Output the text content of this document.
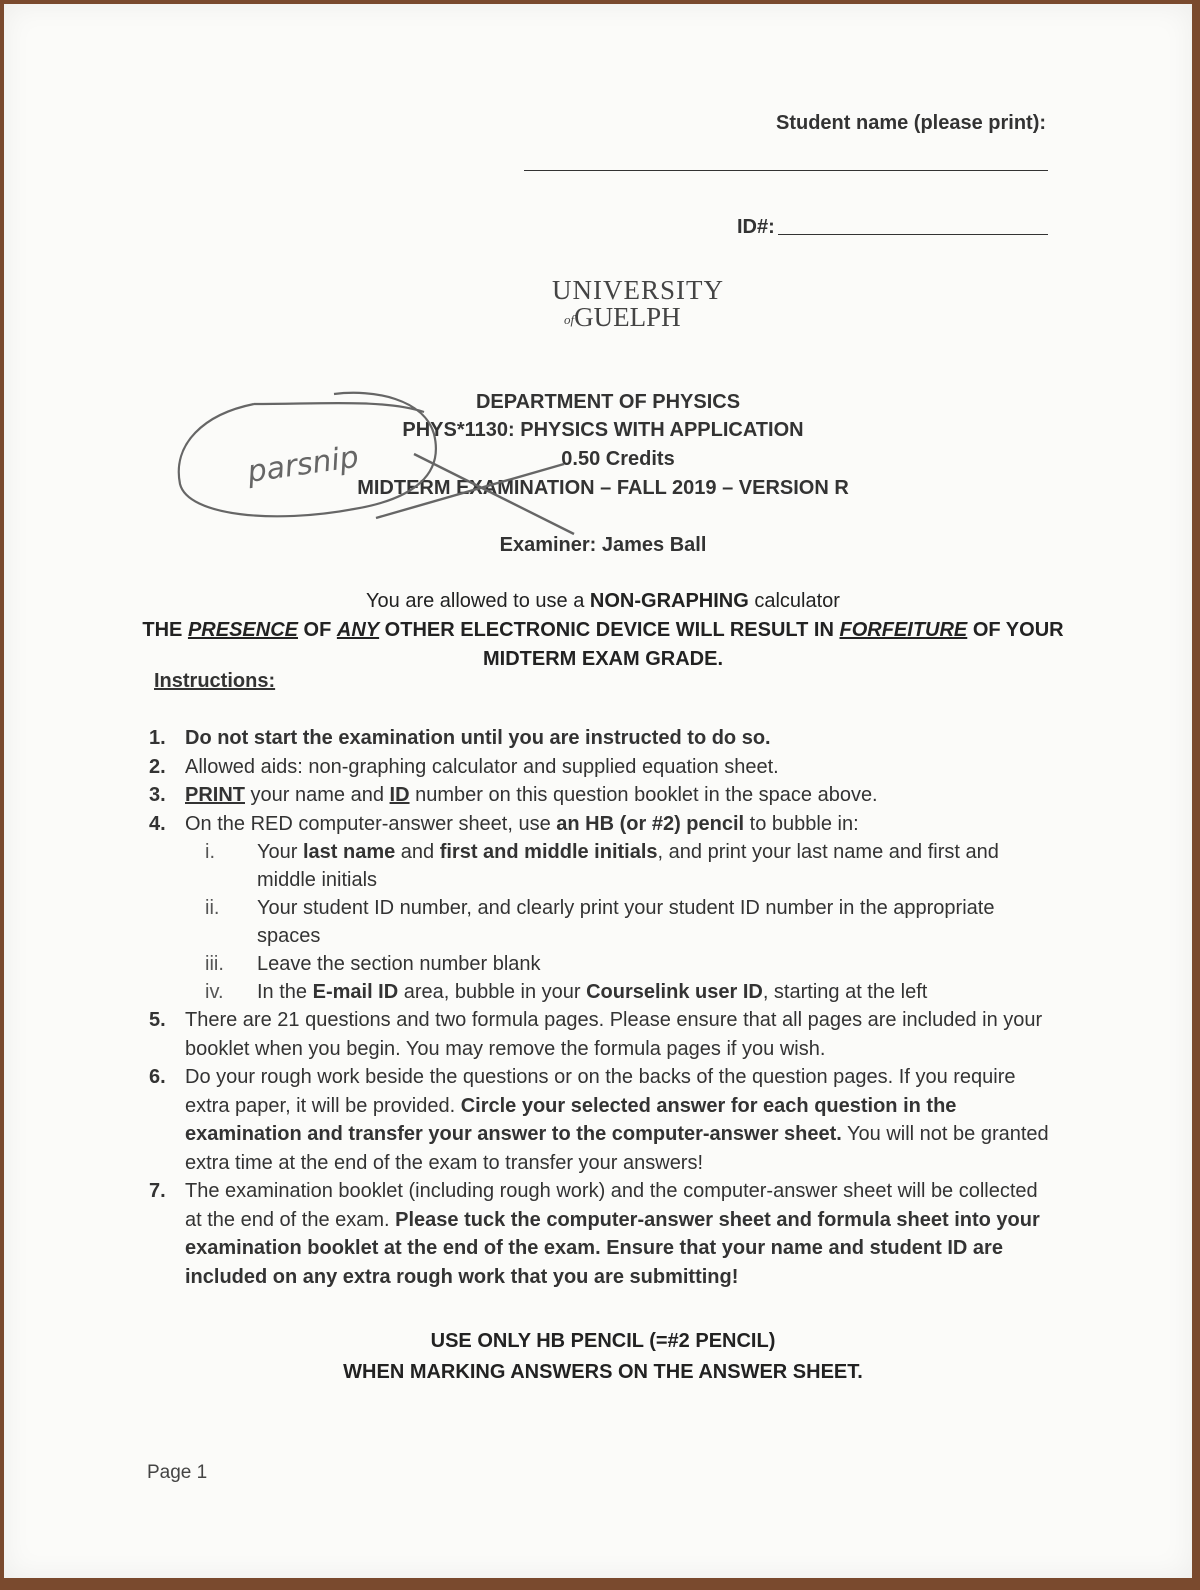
Student name (please print):
ID#:
UNIVERSITY
ofGUELPH
DEPARTMENT OF PHYSICS
PHYS*1130: PHYSICS WITH APPLICATION
0.50 Credits
MIDTERM EXAMINATION – FALL 2019 – VERSION R
Examiner: James Ball
parsnip
You are allowed to use a NON-GRAPHING calculator
THE PRESENCE OF ANY OTHER ELECTRONIC DEVICE WILL RESULT IN FORFEITURE OF YOUR
MIDTERM EXAM GRADE.
Instructions:
1. Do not start the examination until you are instructed to do so.
2. Allowed aids: non-graphing calculator and supplied equation sheet.
3. PRINT your name and ID number on this question booklet in the space above.
4. On the RED computer-answer sheet, use an HB (or #2) pencil to bubble in:
i.	Your last name and first and middle initials, and print your last name and first and middle initials
ii.	Your student ID number, and clearly print your student ID number in the appropriate spaces
iii.	Leave the section number blank
iv.	In the E-mail ID area, bubble in your Courselink user ID, starting at the left
5. There are 21 questions and two formula pages. Please ensure that all pages are included in your booklet when you begin. You may remove the formula pages if you wish.
6. Do your rough work beside the questions or on the backs of the question pages. If you require extra paper, it will be provided. Circle your selected answer for each question in the examination and transfer your answer to the computer-answer sheet. You will not be granted extra time at the end of the exam to transfer your answers!
7. The examination booklet (including rough work) and the computer-answer sheet will be collected at the end of the exam. Please tuck the computer-answer sheet and formula sheet into your examination booklet at the end of the exam. Ensure that your name and student ID are included on any extra rough work that you are submitting!
USE ONLY HB PENCIL (=#2 PENCIL)
WHEN MARKING ANSWERS ON THE ANSWER SHEET.
Page 1
